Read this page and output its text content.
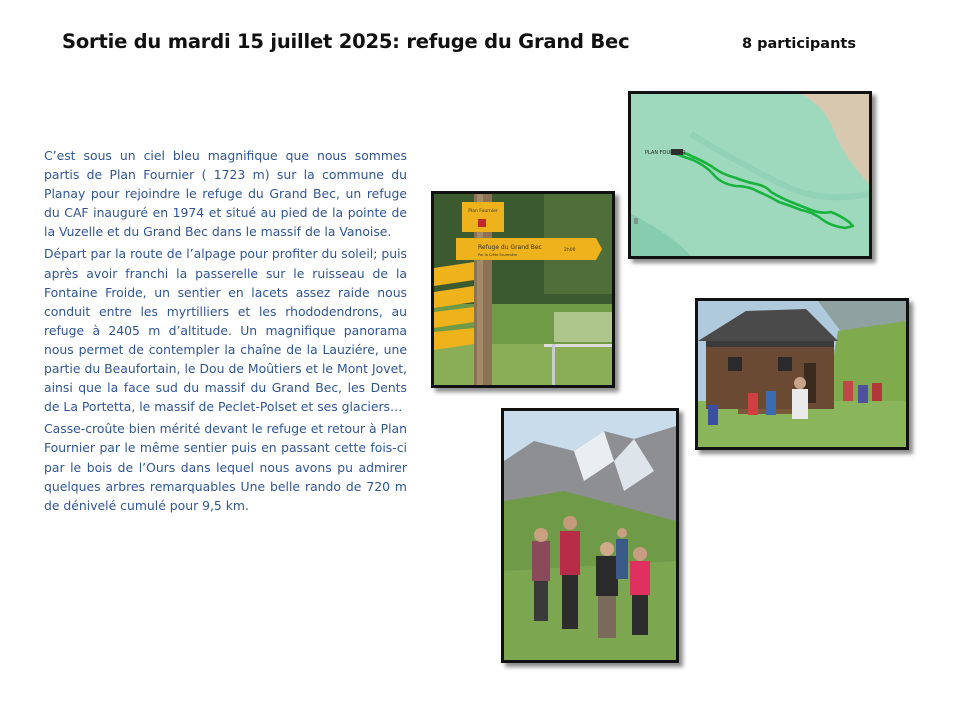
Sortie du mardi 15 juillet 2025: refuge du Grand Bec	8 participants

C’est sous un ciel bleu magnifique que nous sommes partis de Plan Fournier ( 1723 m) sur la commune du Planay pour rejoindre le refuge du Grand Bec, un refuge du CAF inauguré en 1974 et situé au pied de la pointe de la Vuzelle et du Grand Bec dans le massif de la Vanoise.

Départ par la route de l’alpage pour profiter du soleil; puis après avoir franchi la passerelle sur le ruisseau de la Fontaine Froide, un sentier en lacets assez raide nous conduit entre les myrtilliers et les rhododendrons, au refuge à 2405 m d’altitude. Un magnifique panorama nous permet de contempler la chaîne de la Lauziére, une partie du Beaufortain, le Dou de Moûtiers et le Mont Jovet, ainsi que la face sud du massif du Grand Bec, les Dents de La Portetta, le massif de Peclet-Polset et ses glaciers…

Casse-croûte bien mérité devant le refuge et retour à Plan Fournier par le même sentier puis en passant cette fois-ci par le bois de l’Ours dans lequel nous avons pu admirer quelques arbres remarquables Une belle rando de 720 m de dénivelé cumulé pour 9,5 km.

PLAN FOURNIER
Plan Fournier
Refuge du Grand Bec
Par la Crête Fourmière
2h00
